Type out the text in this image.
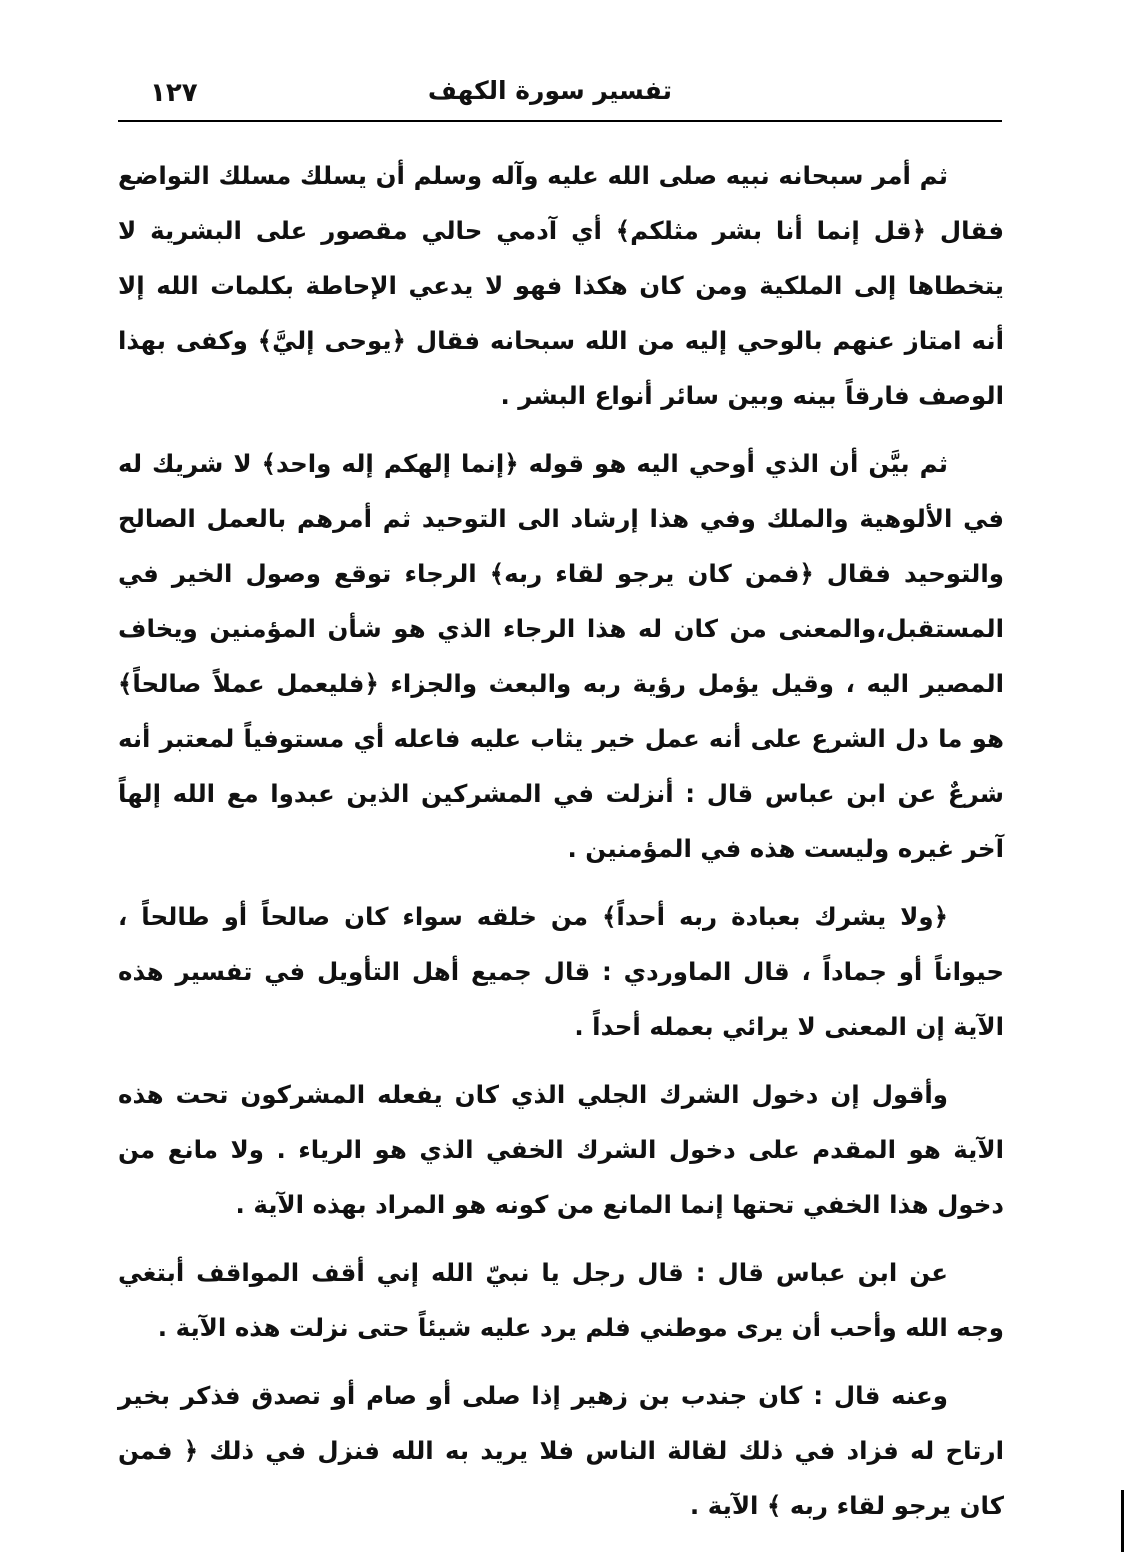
١٢٧	تفسير سورة الكهف

ثم أمر سبحانه نبيه صلى الله عليه وآله وسلم أن يسلك مسلك التواضع فقال ﴿قل إنما أنا بشر مثلكم﴾ أي آدمي حالي مقصور على البشرية لا يتخطاها إلى الملكية ومن كان هكذا فهو لا يدعي الإحاطة بكلمات الله إلا أنه امتاز عنهم بالوحي إليه من الله سبحانه فقال ﴿يوحى إليَّ﴾ وكفى بهذا الوصف فارقاً بينه وبين سائر أنواع البشر .

ثم بيَّن أن الذي أوحي اليه هو قوله ﴿إنما إلهكم إله واحد﴾ لا شريك له في الألوهية والملك وفي هذا إرشاد الى التوحيد ثم أمرهم بالعمل الصالح والتوحيد فقال ﴿فمن كان يرجو لقاء ربه﴾ الرجاء توقع وصول الخير في المستقبل،والمعنى من كان له هذا الرجاء الذي هو شأن المؤمنين ويخاف المصير اليه ، وقيل يؤمل رؤية ربه والبعث والجزاء ﴿فليعمل عملاً صالحاً﴾ هو ما دل الشرع على أنه عمل خير يثاب عليه فاعله أي مستوفياً لمعتبر أنه شرعٌ عن ابن عباس قال : أنزلت في المشركين الذين عبدوا مع الله إلهاً آخر غيره وليست هذه في المؤمنين .

﴿ولا يشرك بعبادة ربه أحداً﴾ من خلقه سواء كان صالحاً أو طالحاً ، حيواناً أو جماداً ، قال الماوردي : قال جميع أهل التأويل في تفسير هذه الآية إن المعنى لا يرائي بعمله أحداً .

وأقول إن دخول الشرك الجلي الذي كان يفعله المشركون تحت هذه الآية هو المقدم على دخول الشرك الخفي الذي هو الرياء . ولا مانع من دخول هذا الخفي تحتها إنما المانع من كونه هو المراد بهذه الآية .

عن ابن عباس قال : قال رجل يا نبيّ الله إني أقف المواقف أبتغي وجه الله وأحب أن يرى موطني فلم يرد عليه شيئاً حتى نزلت هذه الآية .

وعنه قال : كان جندب بن زهير إذا صلى أو صام أو تصدق فذكر بخير ارتاح له فزاد في ذلك لقالة الناس فلا يريد به الله فنزل في ذلك ﴿ فمن كان يرجو لقاء ربه ﴾ الآية .
